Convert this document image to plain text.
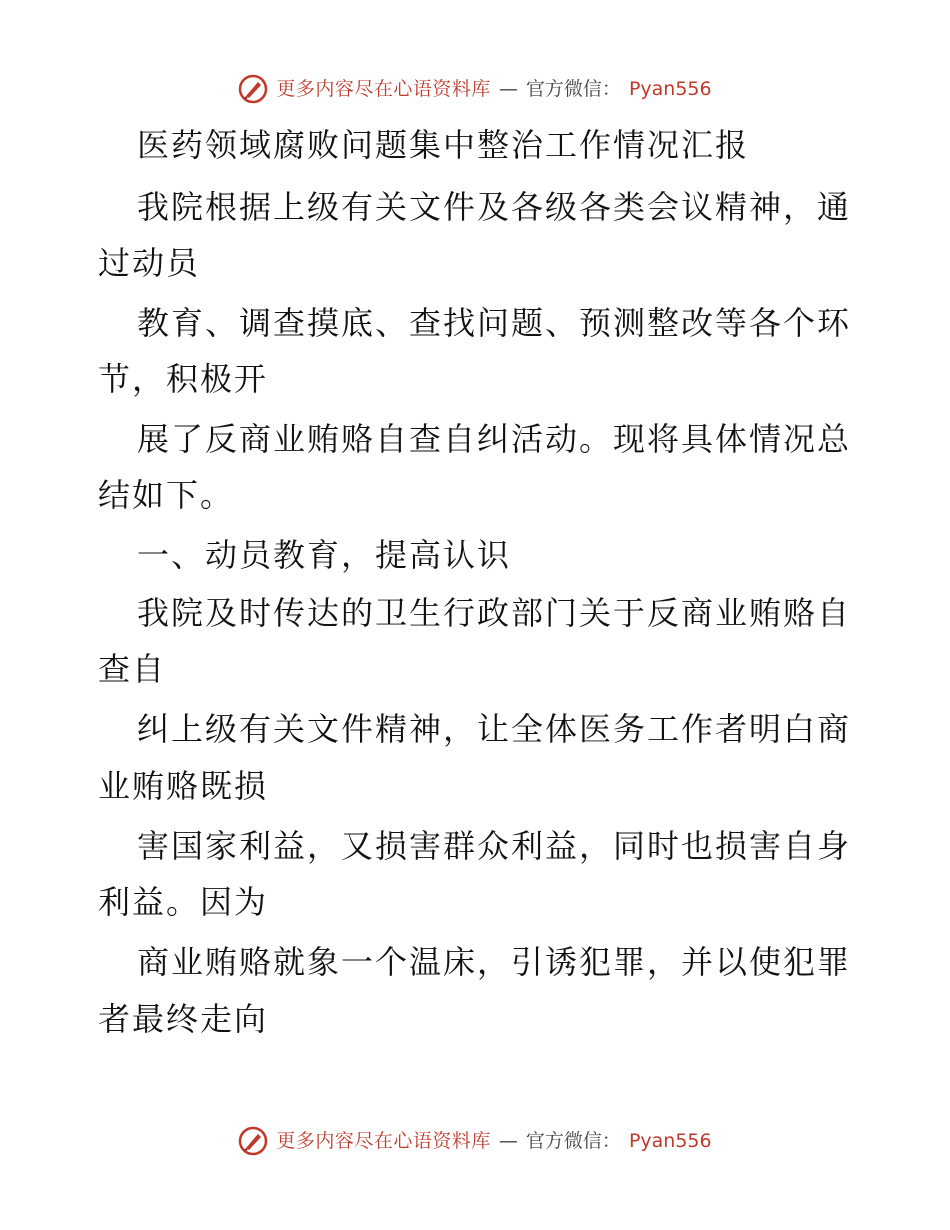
更多内容尽在心语资料库 — 官方微信： Pyan556
医药领域腐败问题集中整治工作情况汇报
我院根据上级有关文件及各级各类会议精神，通
过动员
教育、调查摸底、查找问题、预测整改等各个环
节，积极开
展了反商业贿赂自查自纠活动。现将具体情况总
结如下。
一、动员教育，提高认识
我院及时传达的卫生行政部门关于反商业贿赂自
查自
纠上级有关文件精神，让全体医务工作者明白商
业贿赂既损
害国家利益，又损害群众利益，同时也损害自身
利益。因为
商业贿赂就象一个温床，引诱犯罪，并以使犯罪
者最终走向
更多内容尽在心语资料库 — 官方微信： Pyan556
